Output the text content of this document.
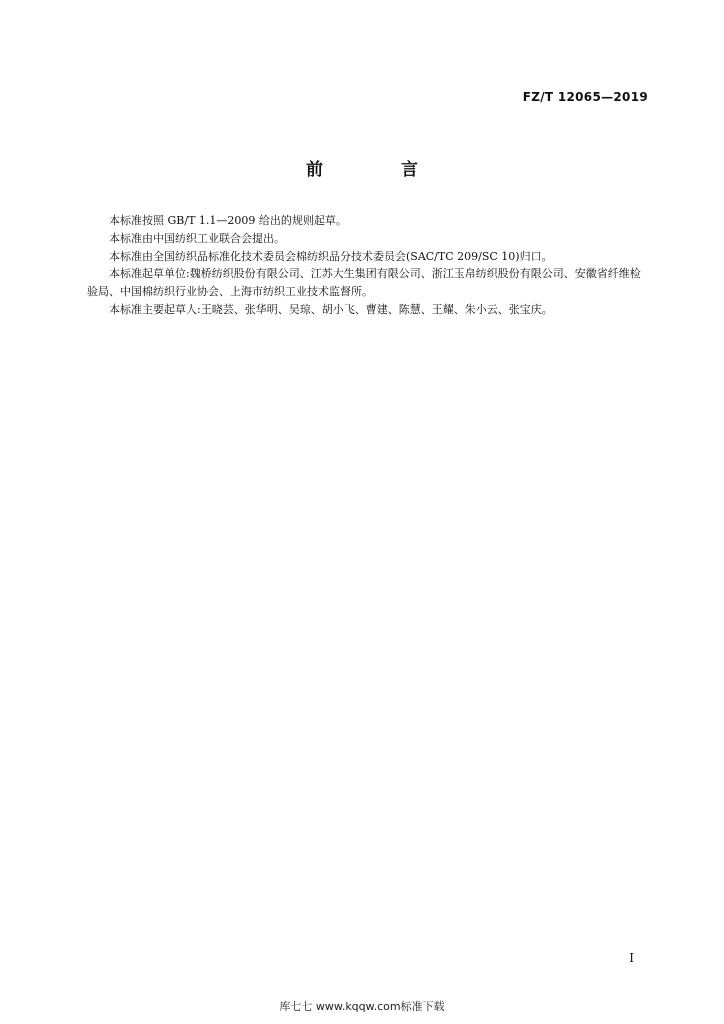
FZ/T 12065—2019
前 言

本标准按照 GB/T 1.1—2009 给出的规则起草。

本标准由中国纺织工业联合会提出。

本标准由全国纺织品标准化技术委员会棉纺织品分技术委员会(SAC/TC 209/SC 10)归口。

本标准起草单位:魏桥纺织股份有限公司、江苏大生集团有限公司、浙江玉帛纺织股份有限公司、安徽省纤维检验局、中国棉纺织行业协会、上海市纺织工业技术监督所。

本标准主要起草人:王晓芸、张华明、吴琼、胡小飞、曹建、陈慧、王耀、朱小云、张宝庆。

I
库七七 www.kqqw.com标准下载
